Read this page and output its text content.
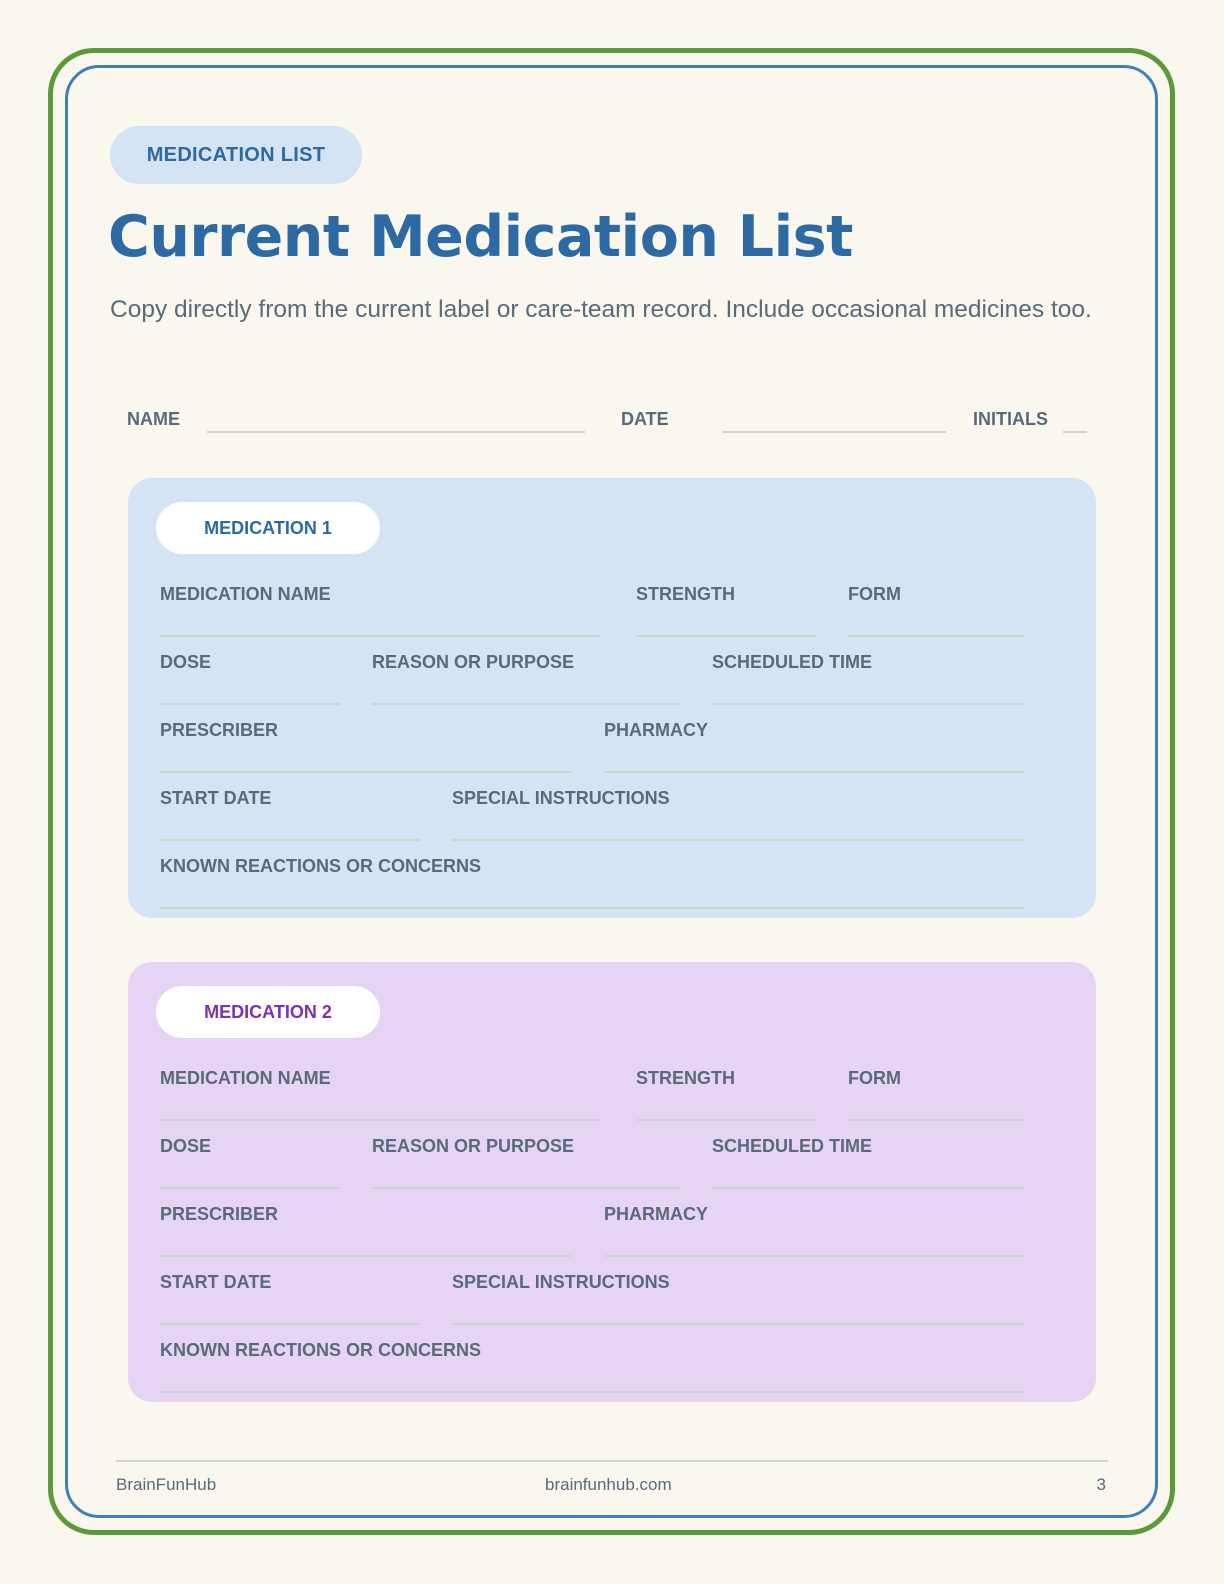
MEDICATION LIST
Current Medication List
Copy directly from the current label or care-team record. Include occasional medicines too.
NAME	DATE	INITIALS
MEDICATION 1
MEDICATION NAME	STRENGTH	FORM
DOSE	REASON OR PURPOSE	SCHEDULED TIME
PRESCRIBER	PHARMACY
START DATE	SPECIAL INSTRUCTIONS
KNOWN REACTIONS OR CONCERNS
MEDICATION 2
MEDICATION NAME	STRENGTH	FORM
DOSE	REASON OR PURPOSE	SCHEDULED TIME
PRESCRIBER	PHARMACY
START DATE	SPECIAL INSTRUCTIONS
KNOWN REACTIONS OR CONCERNS
BrainFunHub	brainfunhub.com	3
